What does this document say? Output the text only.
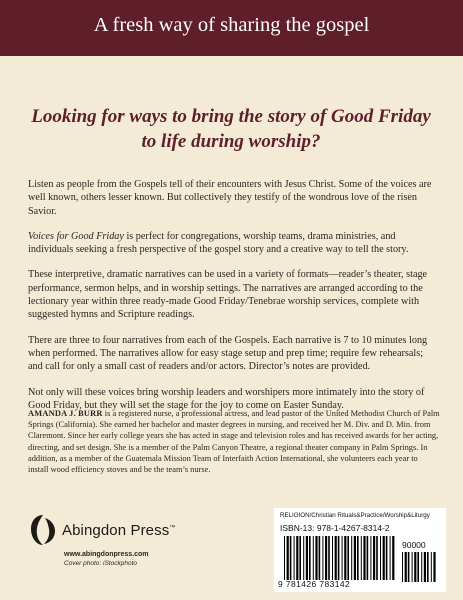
A fresh way of sharing the gospel
Looking for ways to bring the story of Good Friday
to life during worship?

Listen as people from the Gospels tell of their encounters with Jesus Christ. Some of the voices are well known, others lesser known. But collectively they testify of the wondrous love of the risen Savior.

Voices for Good Friday is perfect for congregations, worship teams, drama ministries, and individuals seeking a fresh perspective of the gospel story and a creative way to tell the story.

These interpretive, dramatic narratives can be used in a variety of formats—reader’s theater, stage performance, sermon helps, and in worship settings. The narratives are arranged according to the lectionary year within three ready-made Good Friday/Tenebrae worship services, complete with suggested hymns and Scripture readings.

There are three to four narratives from each of the Gospels. Each narrative is 7 to 10 minutes long when performed. The narratives allow for easy stage setup and prep time; require few rehearsals; and call for only a small cast of readers and/or actors. Director’s notes are provided.

Not only will these voices bring worship leaders and worshipers more intimately into the story of Good Friday, but they will set the stage for the joy to come on Easter Sunday.

AMANDA J. BURR is a registered nurse, a professional actress, and lead pastor of the United Methodist Church of Palm Springs (California). She earned her bachelor and master degrees in nursing, and received her M. Div. and D. Min. from Claremont. Since her early college years she has acted in stage and television roles and has received awards for her acting, directing, and set design. She is a member of the Palm Canyon Theatre, a regional theater company in Palm Springs. In addition, as a member of the Guatemala Mission Team of Interfaith Action International, she volunteers each year to install wood efficiency stoves and be the team’s nurse.
Abingdon Press™
www.abingdonpress.com
Cover photo: iStockphoto
RELIGION/Christian Rituals&Practice/Worship&Liturgy
ISBN-13: 978-1-4267-8314-2
90000
9 781426 783142
